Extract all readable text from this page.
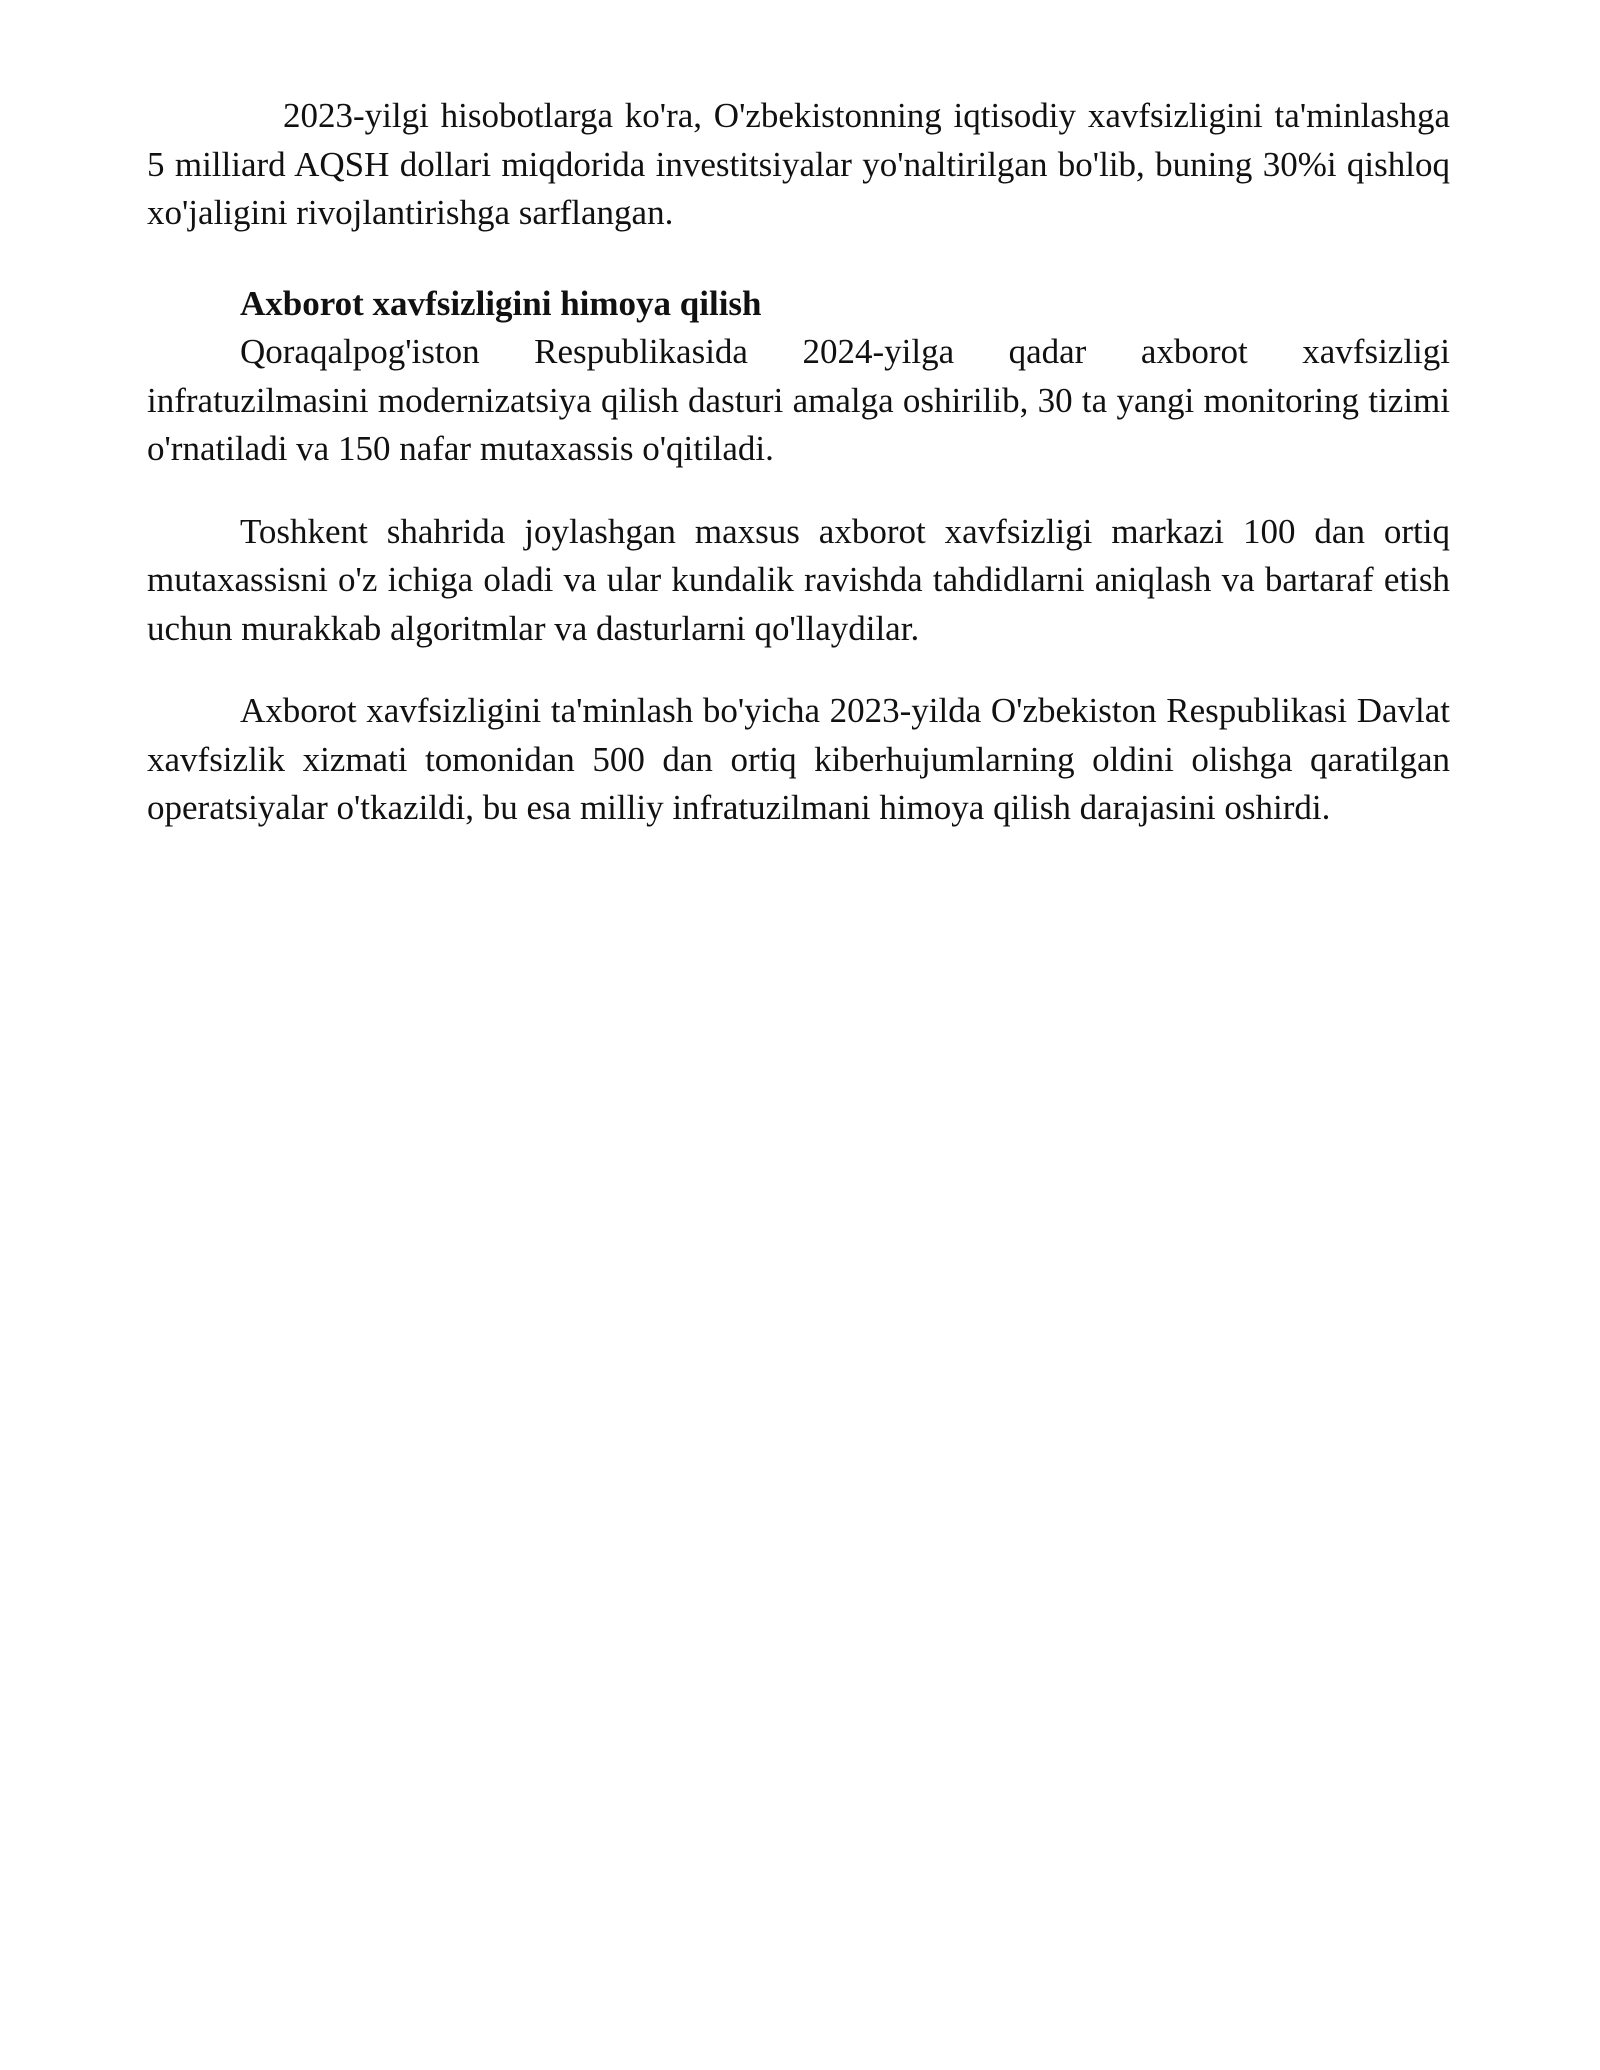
2023-yilgi hisobotlarga ko'ra, O'zbekistonning iqtisodiy xavfsizligini ta'minlashga 5 milliard AQSH dollari miqdorida investitsiyalar yo'naltirilgan bo'lib, buning 30%i qishloq xo'jaligini rivojlantirishga sarflangan.

Axborot xavfsizligini himoya qilish

Qoraqalpog'iston Respublikasida 2024-yilga qadar axborot xavfsizligi infratuzilmasini modernizatsiya qilish dasturi amalga oshirilib, 30 ta yangi monitoring tizimi o'rnatiladi va 150 nafar mutaxassis o'qitiladi.

Toshkent shahrida joylashgan maxsus axborot xavfsizligi markazi 100 dan ortiq mutaxassisni o'z ichiga oladi va ular kundalik ravishda tahdidlarni aniqlash va bartaraf etish uchun murakkab algoritmlar va dasturlarni qo'llaydilar.

Axborot xavfsizligini ta'minlash bo'yicha 2023-yilda O'zbekiston Respublikasi Davlat xavfsizlik xizmati tomonidan 500 dan ortiq kiberhujumlarning oldini olishga qaratilgan operatsiyalar o'tkazildi, bu esa milliy infratuzilmani himoya qilish darajasini oshirdi.
